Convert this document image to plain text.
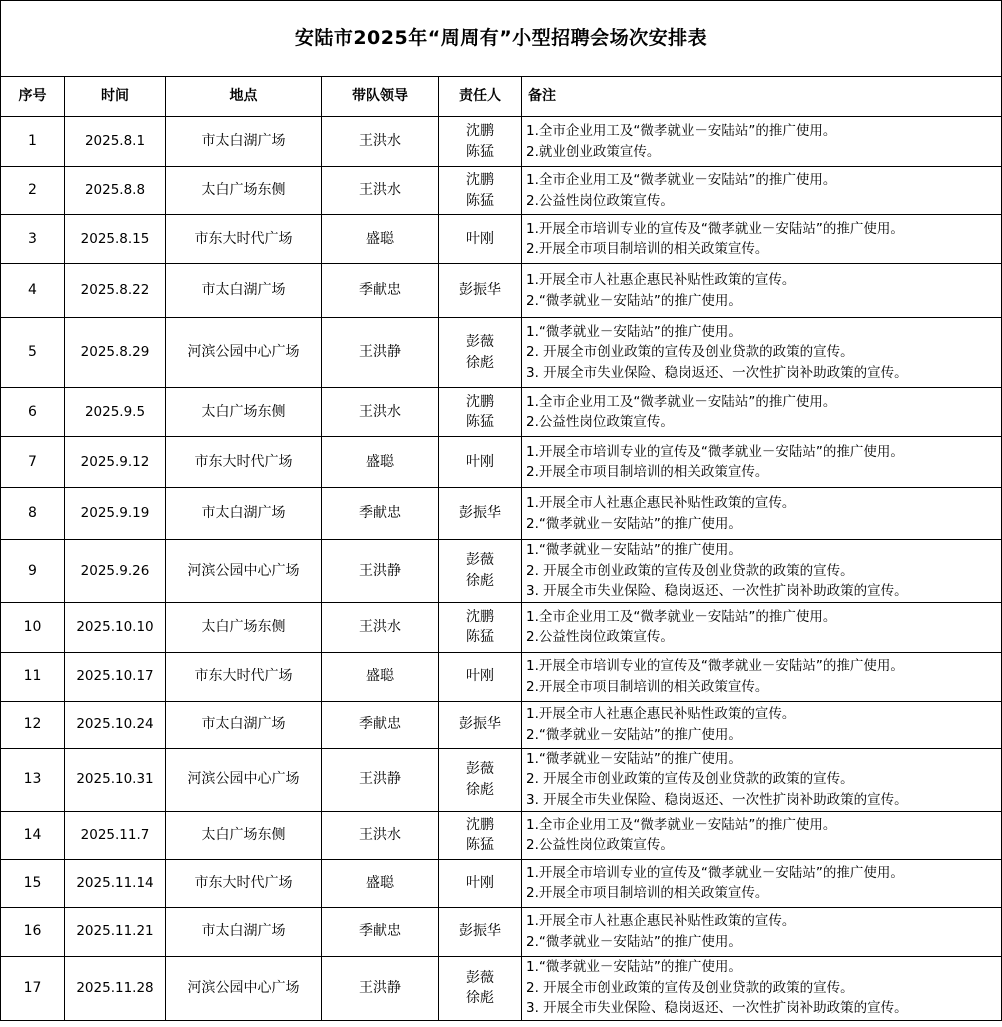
安陆市2025年“周周有”小型招聘会场次安排表					
序号	时间	地点	带队领导	责任人	备注
1	2025.8.1	市太白湖广场	王洪水	沈鹏
陈猛	1.全市企业用工及“微孝就业－安陆站”的推广使用。
2.就业创业政策宣传。

2	2025.8.8	太白广场东侧	王洪水	沈鹏
陈猛	1.全市企业用工及“微孝就业－安陆站”的推广使用。
2.公益性岗位政策宣传。

3	2025.8.15	市东大时代广场	盛聪	叶刚	1.开展全市培训专业的宣传及“微孝就业－安陆站”的推广使用。
2.开展全市项目制培训的相关政策宣传。

4	2025.8.22	市太白湖广场	季献忠	彭振华	1.开展全市人社惠企惠民补贴性政策的宣传。
2.“微孝就业－安陆站”的推广使用。

5	2025.8.29	河滨公园中心广场	王洪静	彭薇
徐彪	1.“微孝就业－安陆站”的推广使用。
2. 开展全市创业政策的宣传及创业贷款的政策的宣传。
3. 开展全市失业保险、稳岗返还、一次性扩岗补助政策的宣传。

6	2025.9.5	太白广场东侧	王洪水	沈鹏
陈猛	1.全市企业用工及“微孝就业－安陆站”的推广使用。
2.公益性岗位政策宣传。

7	2025.9.12	市东大时代广场	盛聪	叶刚	1.开展全市培训专业的宣传及“微孝就业－安陆站”的推广使用。
2.开展全市项目制培训的相关政策宣传。

8	2025.9.19	市太白湖广场	季献忠	彭振华	1.开展全市人社惠企惠民补贴性政策的宣传。
2.“微孝就业－安陆站”的推广使用。

9	2025.9.26	河滨公园中心广场	王洪静	彭薇
徐彪	1.“微孝就业－安陆站”的推广使用。
2. 开展全市创业政策的宣传及创业贷款的政策的宣传。
3. 开展全市失业保险、稳岗返还、一次性扩岗补助政策的宣传。

10	2025.10.10	太白广场东侧	王洪水	沈鹏
陈猛	1.全市企业用工及“微孝就业－安陆站”的推广使用。
2.公益性岗位政策宣传。

11	2025.10.17	市东大时代广场	盛聪	叶刚	1.开展全市培训专业的宣传及“微孝就业－安陆站”的推广使用。
2.开展全市项目制培训的相关政策宣传。

12	2025.10.24	市太白湖广场	季献忠	彭振华	1.开展全市人社惠企惠民补贴性政策的宣传。
2.“微孝就业－安陆站”的推广使用。

13	2025.10.31	河滨公园中心广场	王洪静	彭薇
徐彪	1.“微孝就业－安陆站”的推广使用。
2. 开展全市创业政策的宣传及创业贷款的政策的宣传。
3. 开展全市失业保险、稳岗返还、一次性扩岗补助政策的宣传。

14	2025.11.7	太白广场东侧	王洪水	沈鹏
陈猛	1.全市企业用工及“微孝就业－安陆站”的推广使用。
2.公益性岗位政策宣传。

15	2025.11.14	市东大时代广场	盛聪	叶刚	1.开展全市培训专业的宣传及“微孝就业－安陆站”的推广使用。
2.开展全市项目制培训的相关政策宣传。

16	2025.11.21	市太白湖广场	季献忠	彭振华	1.开展全市人社惠企惠民补贴性政策的宣传。
2.“微孝就业－安陆站”的推广使用。

17	2025.11.28	河滨公园中心广场	王洪静	彭薇
徐彪	1.“微孝就业－安陆站”的推广使用。
2. 开展全市创业政策的宣传及创业贷款的政策的宣传。
3. 开展全市失业保险、稳岗返还、一次性扩岗补助政策的宣传。
